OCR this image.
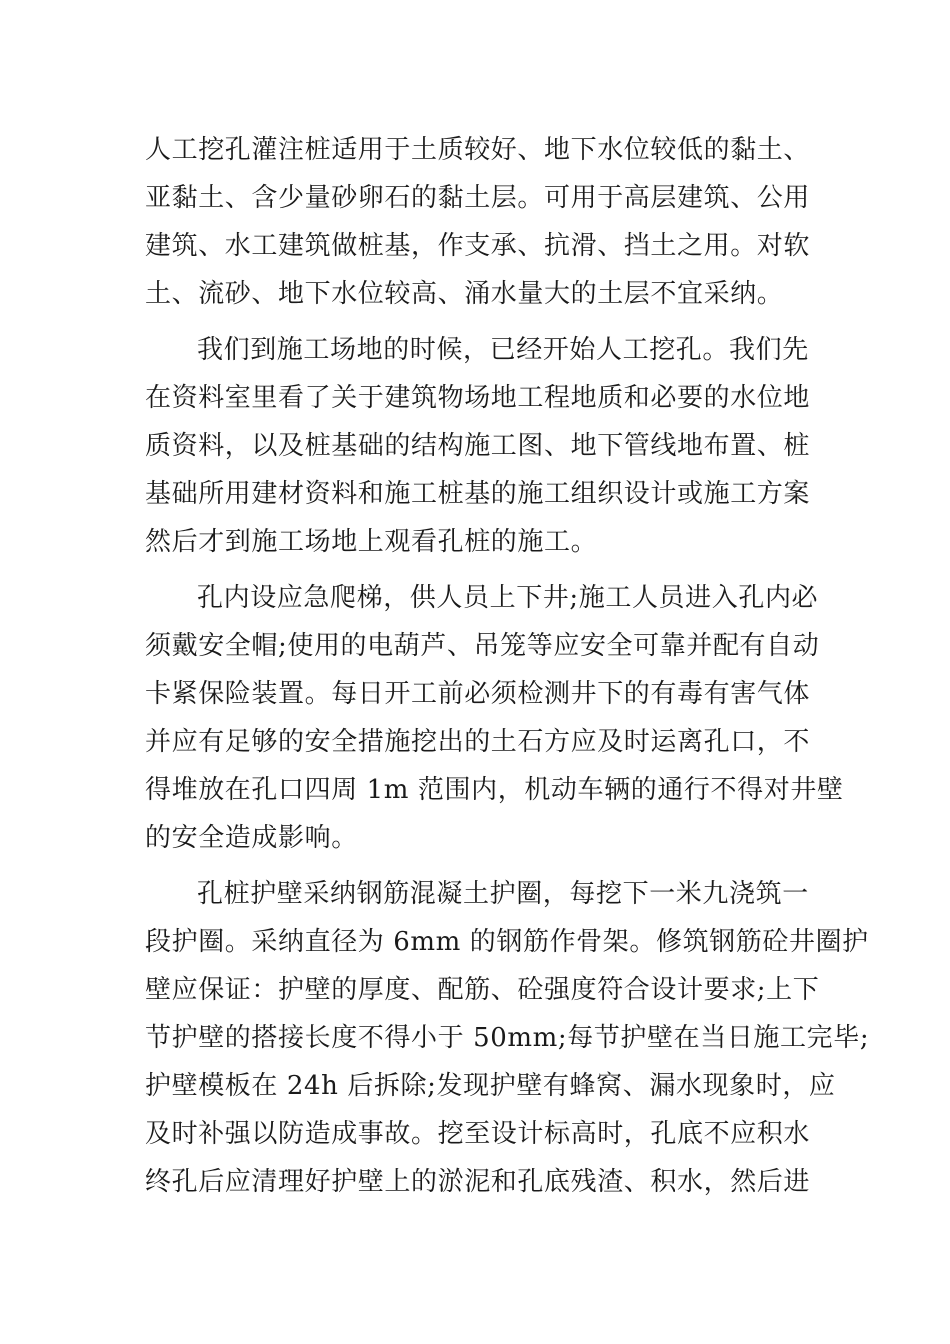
人工挖孔灌注桩适用于土质较好、地下水位较低的黏土、
亚黏土、含少量砂卵石的黏土层。可用于高层建筑、公用
建筑、水工建筑做桩基，作支承、抗滑、挡土之用。对软
土、流砂、地下水位较高、涌水量大的土层不宜采纳。
我们到施工场地的时候，已经开始人工挖孔。我们先
在资料室里看了关于建筑物场地工程地质和必要的水位地
质资料，以及桩基础的结构施工图、地下管线地布置、桩
基础所用建材资料和施工桩基的施工组织设计或施工方案
然后才到施工场地上观看孔桩的施工。
孔内设应急爬梯，供人员上下井;施工人员进入孔内必
须戴安全帽;使用的电葫芦、吊笼等应安全可靠并配有自动
卡紧保险装置。每日开工前必须检测井下的有毒有害气体
并应有足够的安全措施挖出的土石方应及时运离孔口，不
得堆放在孔口四周 1m 范围内，机动车辆的通行不得对井壁
的安全造成影响。
孔桩护壁采纳钢筋混凝土护圈，每挖下一米九浇筑一
段护圈。采纳直径为 6mm 的钢筋作骨架。修筑钢筋砼井圈护
壁应保证：护壁的厚度、配筋、砼强度符合设计要求;上下
节护壁的搭接长度不得小于 50mm;每节护壁在当日施工完毕;
护壁模板在 24h 后拆除;发现护壁有蜂窝、漏水现象时，应
及时补强以防造成事故。挖至设计标高时，孔底不应积水
终孔后应清理好护壁上的淤泥和孔底残渣、积水，然后进
